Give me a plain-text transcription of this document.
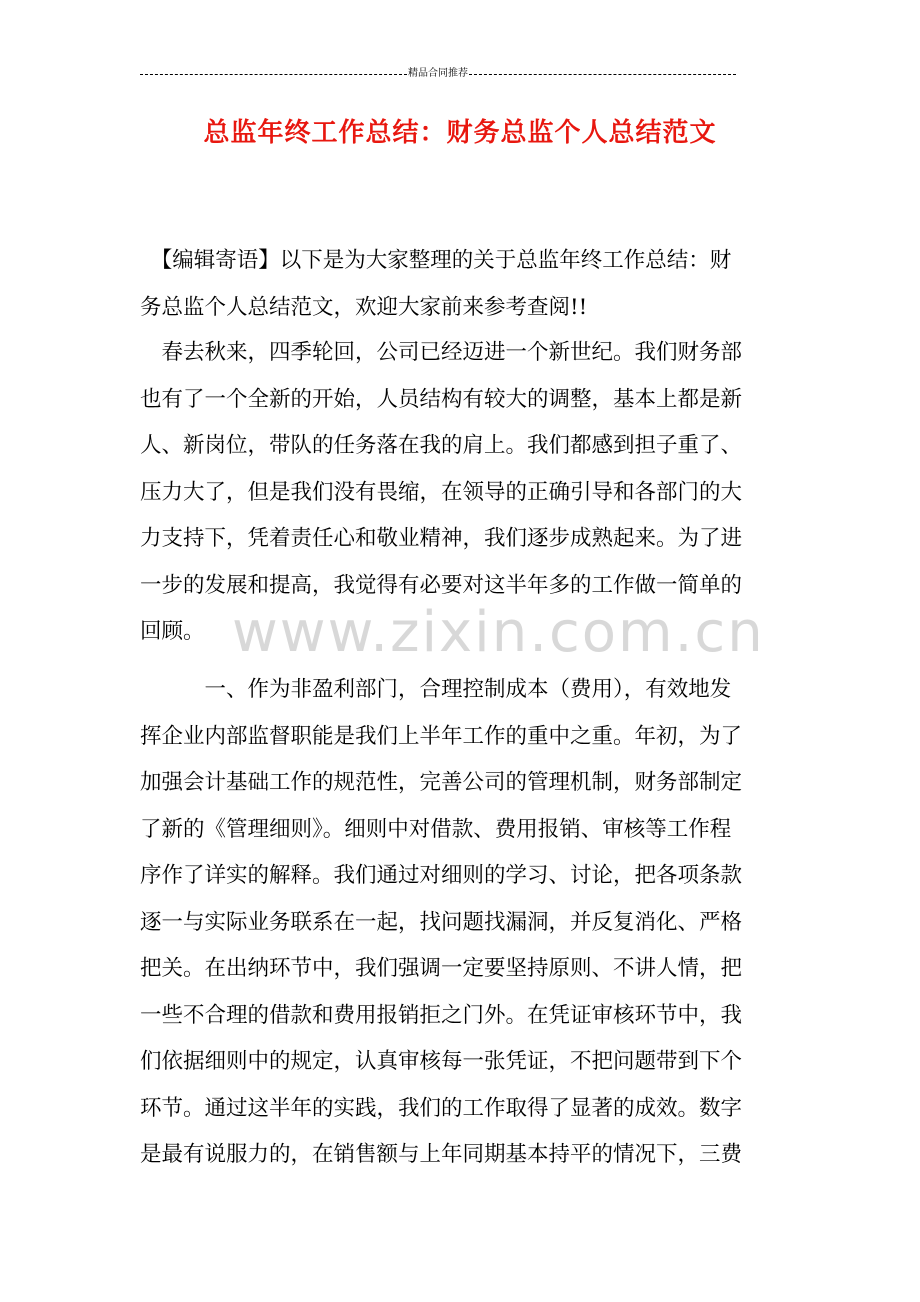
精品合同推荐
总监年终工作总结：财务总监个人总结范文
www.zixin.com.cn
　【编辑寄语】以下是为大家整理的关于总监年终工作总结：财
务总监个人总结范文，欢迎大家前来参考查阅!!
　春去秋来，四季轮回，公司已经迈进一个新世纪。我们财务部
也有了一个全新的开始，人员结构有较大的调整，基本上都是新
人、新岗位，带队的任务落在我的肩上。我们都感到担子重了、
压力大了，但是我们没有畏缩，在领导的正确引导和各部门的大
力支持下，凭着责任心和敬业精神，我们逐步成熟起来。为了进
一步的发展和提高，我觉得有必要对这半年多的工作做一简单的
回顾。
　　　一、作为非盈利部门，合理控制成本（费用），有效地发
挥企业内部监督职能是我们上半年工作的重中之重。年初，为了
加强会计基础工作的规范性，完善公司的管理机制，财务部制定
了新的《管理细则》。细则中对借款、费用报销、审核等工作程
序作了详实的解释。我们通过对细则的学习、讨论，把各项条款
逐一与实际业务联系在一起，找问题找漏洞，并反复消化、严格
把关。在出纳环节中，我们强调一定要坚持原则、不讲人情，把
一些不合理的借款和费用报销拒之门外。在凭证审核环节中，我
们依据细则中的规定，认真审核每一张凭证，不把问题带到下个
环节。通过这半年的实践，我们的工作取得了显著的成效。数字
是最有说服力的，在销售额与上年同期基本持平的情况下，三费
